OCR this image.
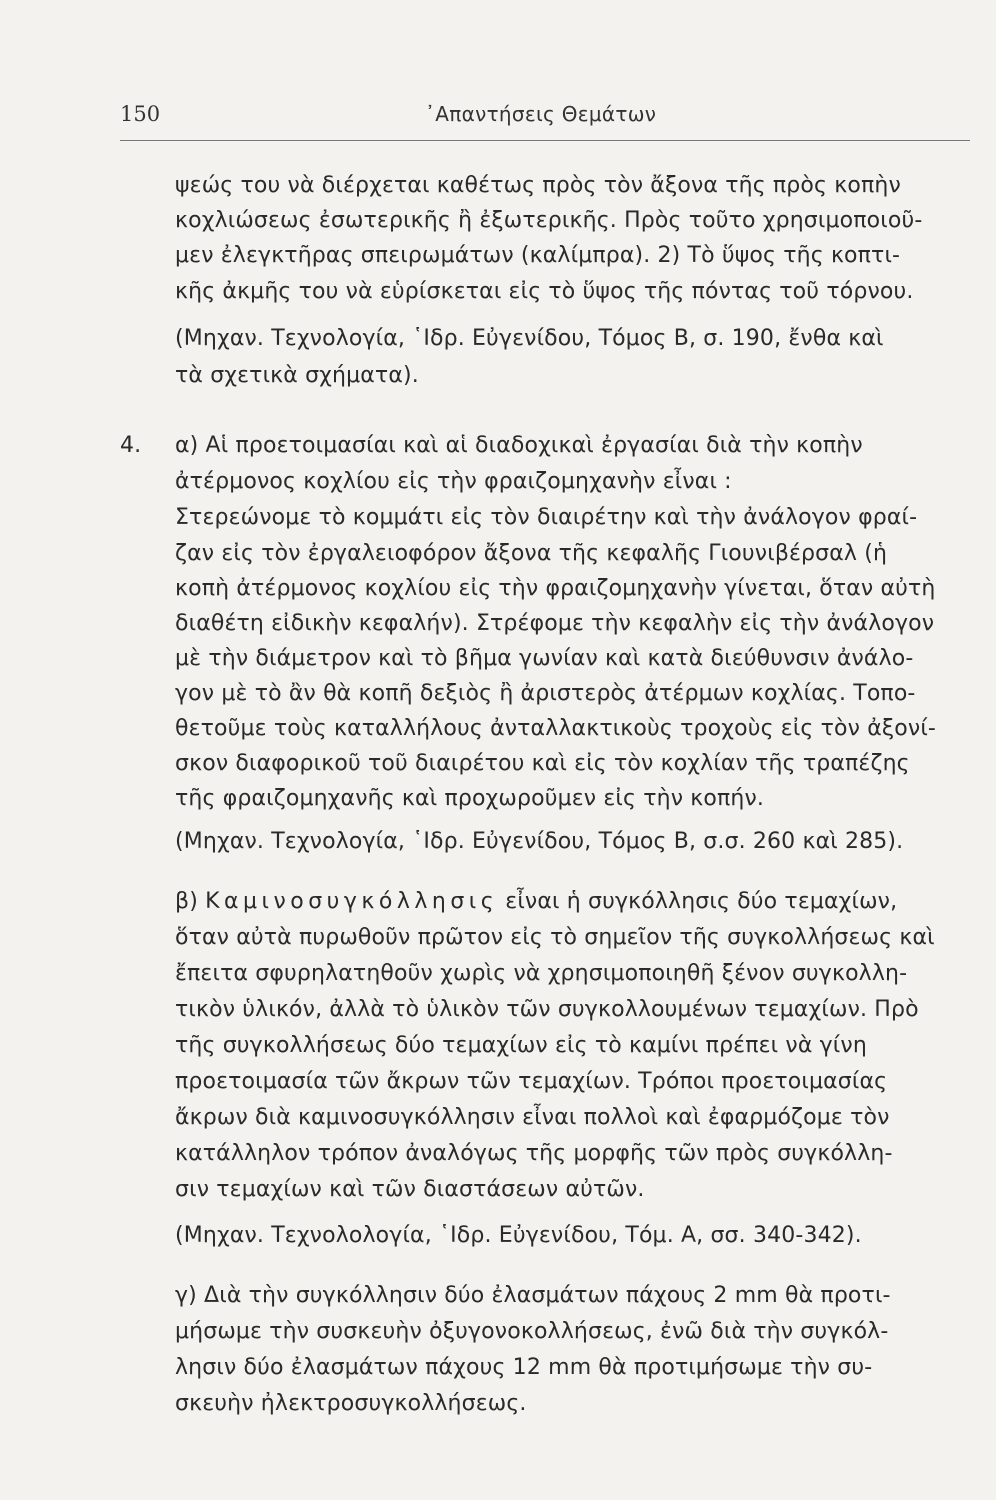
150	᾿Απαντήσεις Θεμάτων
ψεώς του νὰ διέρχεται καθέτως πρὸς τὸν ἄξονα τῆς πρὸς κοπὴν
κοχλιώσεως ἐσωτερικῆς ἢ ἐξωτερικῆς. Πρὸς τοῦτο χρησιμοποιοῦ-
μεν ἐλεγκτῆρας σπειρωμάτων (καλίμπρα). 2) Τὸ ὕψος τῆς κοπτι-
κῆς ἀκμῆς του νὰ εὑρίσκεται εἰς τὸ ὕψος τῆς πόντας τοῦ τόρνου.
(Μηχαν. Τεχνολογία, ῾Ιδρ. Εὐγενίδου, Τόμος Β, σ. 190, ἔνθα καὶ
τὰ σχετικὰ σχήματα).
4. α) Αἱ προετοιμασίαι καὶ αἱ διαδοχικαὶ ἐργασίαι διὰ τὴν κοπὴν
ἀτέρμονος κοχλίου εἰς τὴν φραιζομηχανὴν εἶναι :
Στερεώνομε τὸ κομμάτι εἰς τὸν διαιρέτην καὶ τὴν ἀνάλογον φραί-
ζαν εἰς τὸν ἐργαλειοφόρον ἄξονα τῆς κεφαλῆς Γιουνιβέρσαλ (ἡ
κοπὴ ἀτέρμονος κοχλίου εἰς τὴν φραιζομηχανὴν γίνεται, ὅταν αὐτὴ
διαθέτη εἰδικὴν κεφαλήν). Στρέφομε τὴν κεφαλὴν εἰς τὴν ἀνάλογον
μὲ τὴν διάμετρον καὶ τὸ βῆμα γωνίαν καὶ κατὰ διεύθυνσιν ἀνάλο-
γον μὲ τὸ ἂν θὰ κοπῆ δεξιὸς ἢ ἀριστερὸς ἀτέρμων κοχλίας. Τοπο-
θετοῦμε τοὺς καταλλήλους ἀνταλλακτικοὺς τροχοὺς εἰς τὸν ἀξονί-
σκον διαφορικοῦ τοῦ διαιρέτου καὶ εἰς τὸν κοχλίαν τῆς τραπέζης
τῆς φραιζομηχανῆς καὶ προχωροῦμεν εἰς τὴν κοπήν.
(Μηχαν. Τεχνολογία, ῾Ιδρ. Εὐγενίδου, Τόμος Β, σ.σ. 260 καὶ 285).
β) Καμινοσυγκόλλησις εἶναι ἡ συγκόλλησις δύο τεμαχίων,
ὅταν αὐτὰ πυρωθοῦν πρῶτον εἰς τὸ σημεῖον τῆς συγκολλήσεως καὶ
ἔπειτα σφυρηλατηθοῦν χωρὶς νὰ χρησιμοποιηθῆ ξένον συγκολλη-
τικὸν ὑλικόν, ἀλλὰ τὸ ὑλικὸν τῶν συγκολλουμένων τεμαχίων. Πρὸ
τῆς συγκολλήσεως δύο τεμαχίων εἰς τὸ καμίνι πρέπει νὰ γίνη
προετοιμασία τῶν ἄκρων τῶν τεμαχίων. Τρόποι προετοιμασίας
ἄκρων διὰ καμινοσυγκόλλησιν εἶναι πολλοὶ καὶ ἐφαρμόζομε τὸν
κατάλληλον τρόπον ἀναλόγως τῆς μορφῆς τῶν πρὸς συγκόλλη-
σιν τεμαχίων καὶ τῶν διαστάσεων αὐτῶν.
(Μηχαν. Τεχνολολογία, ῾Ιδρ. Εὐγενίδου, Τόμ. Α, σσ. 340-342).
γ) Διὰ τὴν συγκόλλησιν δύο ἐλασμάτων πάχους 2 mm θὰ προτι-
μήσωμε τὴν συσκευὴν ὀξυγονοκολλήσεως, ἐνῶ διὰ τὴν συγκόλ-
λησιν δύο ἐλασμάτων πάχους 12 mm θὰ προτιμήσωμε τὴν συ-
σκευὴν ἠλεκτροσυγκολλήσεως.
